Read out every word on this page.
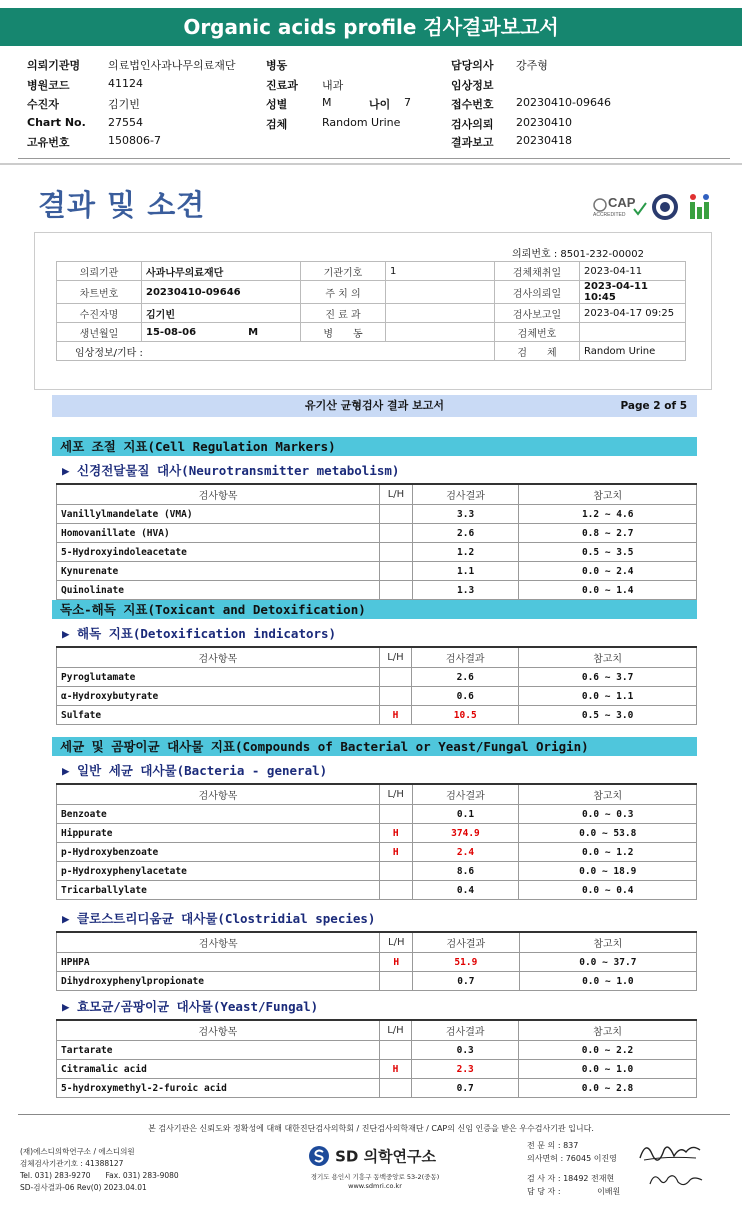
Organic acids profile 검사결과보고서
의뢰기관명	의료법인사과나무의료재단
병원코드	41124
수진자	김기빈
Chart No. 27554
고유번호	150806-7
병동
진료과 내과
성별	M	나이 7
검체	Random Urine
담당의사 강주형
임상정보
접수번호 20230410-09646
검사의뢰 20230410
결과보고 20230418
결과 및 소견	CAP
ACCREDITED
의뢰번호 : 8501-232-00002
의뢰기관	사과나무의료재단	기관기호	1	검체채취일	2023-04-11
차트번호	20230410-09646	주 치 의		검사의뢰일	2023-04-11 10:45
수진자명	김기빈	진 료 과		검사보고일	2023-04-17 09:25
생년월일	15-08-06 M	병　　동		검체번호	
임상정보/기타 :				검　　체	Random Urine
유기산 균형검사 결과 보고서	Page 2 of 5
세포 조절 지표(Cell Regulation Markers)
▶ 신경전달물질 대사(Neurotransmitter metabolism)
검사항목	L/H	검사결과	참고치
Vanillylmandelate (VMA)		3.3	1.2 ~ 4.6
Homovanillate (HVA)		2.6	0.8 ~ 2.7
5-Hydroxyindoleacetate		1.2	0.5 ~ 3.5
Kynurenate		1.1	0.0 ~ 2.4
Quinolinate		1.3	0.0 ~ 1.4
독소-해독 지표(Toxicant and Detoxification)
▶ 해독 지표(Detoxification indicators)
검사항목	L/H	검사결과	참고치
Pyroglutamate		2.6	0.6 ~ 3.7
α-Hydroxybutyrate		0.6	0.0 ~ 1.1
Sulfate	H	10.5	0.5 ~ 3.0
세균 및 곰팡이균 대사물 지표(Compounds of Bacterial or Yeast/Fungal Origin)
▶ 일반 세균 대사물(Bacteria - general)
검사항목	L/H	검사결과	참고치
Benzoate		0.1	0.0 ~ 0.3
Hippurate	H	374.9	0.0 ~ 53.8
p-Hydroxybenzoate	H	2.4	0.0 ~ 1.2
p-Hydroxyphenylacetate		8.6	0.0 ~ 18.9
Tricarballylate		0.4	0.0 ~ 0.4
▶ 클로스트리디움균 대사물(Clostridial species)
검사항목	L/H	검사결과	참고치
HPHPA	H	51.9	0.0 ~ 37.7
Dihydroxyphenylpropionate		0.7	0.0 ~ 1.0
▶ 효모균/곰팡이균 대사물(Yeast/Fungal)
검사항목	L/H	검사결과	참고치
Tartarate		0.3	0.0 ~ 2.2
Citramalic acid	H	2.3	0.0 ~ 1.0
5-hydroxymethyl-2-furoic acid		0.7	0.0 ~ 2.8
본 검사기관은 신뢰도와 정확성에 대해 대한진단검사의학회 / 진단검사의학재단 / CAP의 신임 인증을 받은 우수검사기관 입니다.
(재)에스디의학연구소 / 에스디의원
검체검사기관기호 : 41388127
Tel. 031) 283-9270　　Fax. 031) 283-9080
SD-검사결과-06 Rev(0) 2023.04.01
SD 의학연구소
경기도 용인시 기흥구 동백중앙로 53-2(중동)
www.sdmri.co.kr
전 문 의 : 837
의사면허 : 76045 이진영
검 사 자 : 18492 전재현
담 당 자 :	이배원
